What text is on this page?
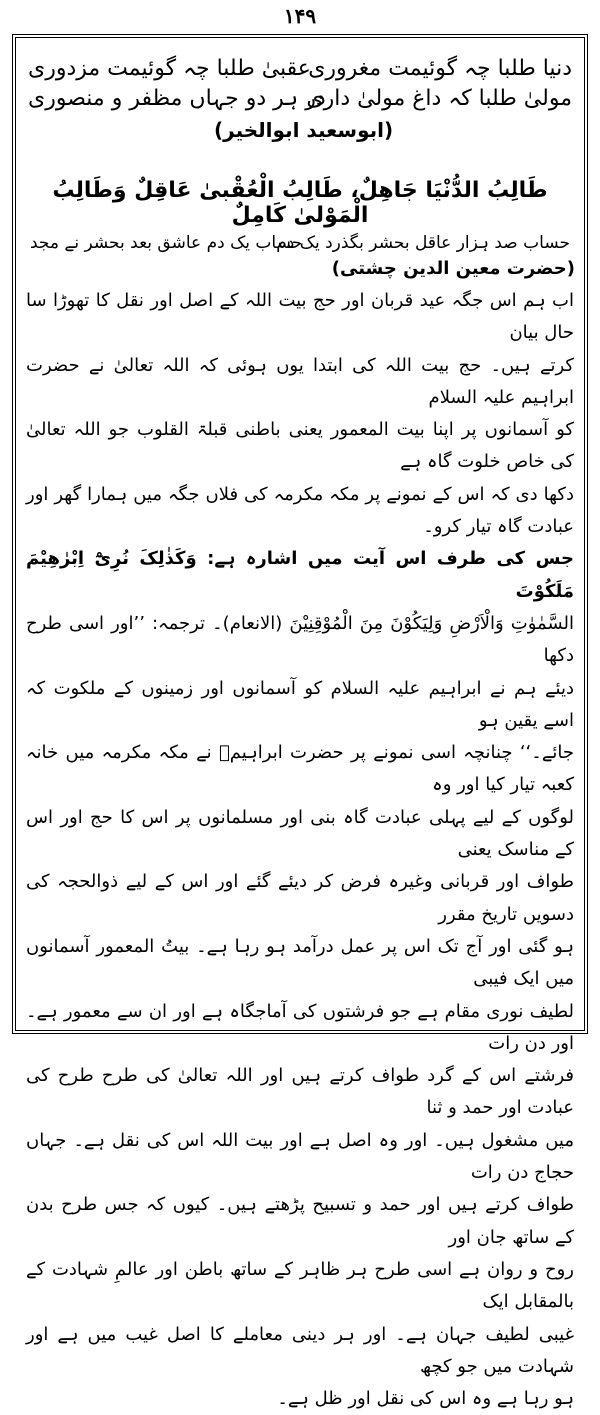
۱۴۹
دنیا طلبا چہ گوئیمت مغروری
عقبیٰ طلبا چہ گوئیمت مزدوری
مولیٰ طلبا کہ داغ مولیٰ داری
در ہر دو جہاں مظفر و منصوری
(ابوسعید ابوالخیر)
طَالِبُ الدُّنْیَا جَاهِلٌ، طَالِبُ الْعُقْبیٰ عَاقِلٌ وَطَالِبُ الْمَوْلیٰ کَامِلٌ
حساب صد ہزار عاقل بحشر بگذرد یک دم
حساب یک دم عاشق بعد بحشر نے مجد
(حضرت معین الدین چشتی)
اب ہم اس جگہ عید قربان اور حج بیت اللہ کے اصل اور نقل کا تھوڑا سا حال بیان
کرتے ہیں۔ حج بیت اللہ کی ابتدا یوں ہوئی کہ اللہ تعالیٰ نے حضرت ابراہیم علیہ السلام
کو آسمانوں پر اپنا بیت المعمور یعنی باطنی قبلۃ القلوب جو اللہ تعالیٰ کی خاص خلوت گاہ ہے
دکھا دی کہ اس کے نمونے پر مکہ مکرمہ کی فلاں جگہ میں ہمارا گھر اور عبادت گاہ تیار کرو۔
جس کی طرف اس آیت میں اشارہ ہے: وَکَذٰلِکَ نُرِیْٓ اِبْرٰھِیْمَ مَلَکُوْتَ
السَّمٰوٰتِ وَالْاَرْضِ وَلِیَکُوْنَ مِنَ الْمُوْقِنِیْنَ (الانعام)۔ ترجمہ: ’’اور اسی طرح دکھا
دیئے ہم نے ابراہیم علیہ السلام کو آسمانوں اور زمینوں کے ملکوت کہ اسے یقین ہو
جائے۔‘‘ چنانچہ اسی نمونے پر حضرت ابراہیمؑ نے مکہ مکرمہ میں خانہ کعبہ تیار کیا اور وہ
لوگوں کے لیے پہلی عبادت گاہ بنی اور مسلمانوں پر اس کا حج اور اس کے مناسک یعنی
طواف اور قربانی وغیرہ فرض کر دیئے گئے اور اس کے لیے ذوالحجہ کی دسویں تاریخ مقرر
ہو گئی اور آج تک اس پر عمل درآمد ہو رہا ہے۔ بیتُ المعمور آسمانوں میں ایک فیبی
لطیف نوری مقام ہے جو فرشتوں کی آماجگاہ ہے اور ان سے معمور ہے۔ اور دن رات
فرشتے اس کے گرد طواف کرتے ہیں اور اللہ تعالیٰ کی طرح طرح کی عبادت اور حمد و ثنا
میں مشغول ہیں۔ اور وہ اصل ہے اور بیت اللہ اس کی نقل ہے۔ جہاں حجاج دن رات
طواف کرتے ہیں اور حمد و تسبیح پڑھتے ہیں۔ کیوں کہ جس طرح بدن کے ساتھ جان اور
روح و روان ہے اسی طرح ہر ظاہر کے ساتھ باطن اور عالمِ شہادت کے بالمقابل ایک
غیبی لطیف جہان ہے۔ اور ہر دینی معاملے کا اصل غیب میں ہے اور شہادت میں جو کچھ
ہو رہا ہے وہ اس کی نقل اور ظل ہے۔
